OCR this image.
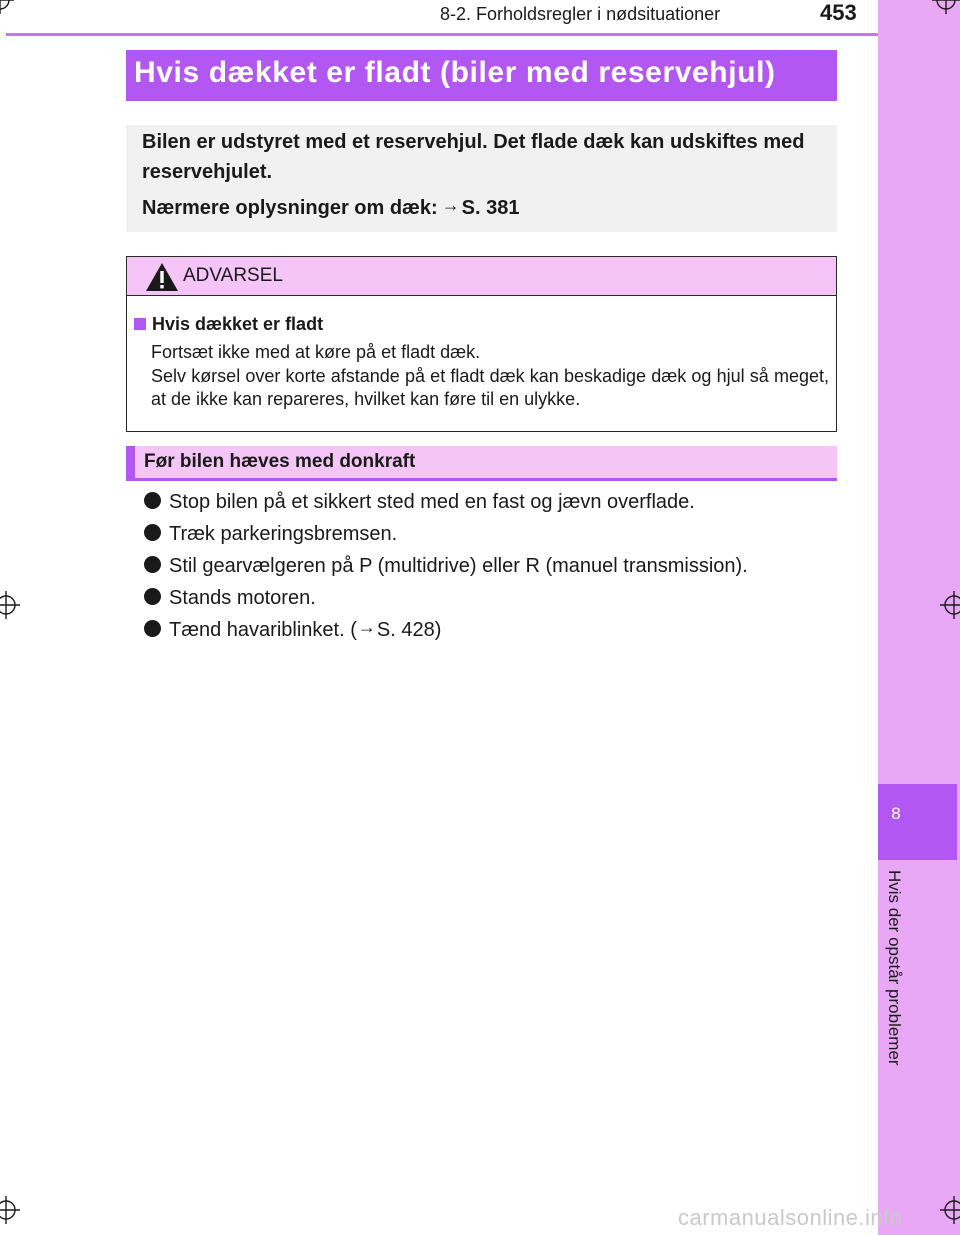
8
Hvis der opstår problemer
8-2. Forholdsregler i nødsituationer	453
Hvis dækket er fladt (biler med reservehjul)

Bilen er udstyret med et reservehjul. Det flade dæk kan udskiftes med reservehjulet.

Nærmere oplysninger om dæk: → S. 381

ADVARSEL
Hvis dækket er fladt
Fortsæt ikke med at køre på et fladt dæk.
Selv kørsel over korte afstande på et fladt dæk kan beskadige dæk og hjul så meget, at de ikke kan repareres, hvilket kan føre til en ulykke.
Før bilen hæves med donkraft
Stop bilen på et sikkert sted med en fast og jævn overflade.
Træk parkeringsbremsen.
Stil gearvælgeren på P (multidrive) eller R (manuel transmission).
Stands motoren.
Tænd havariblinket. (→S. 428)
carmanualsonline.info
